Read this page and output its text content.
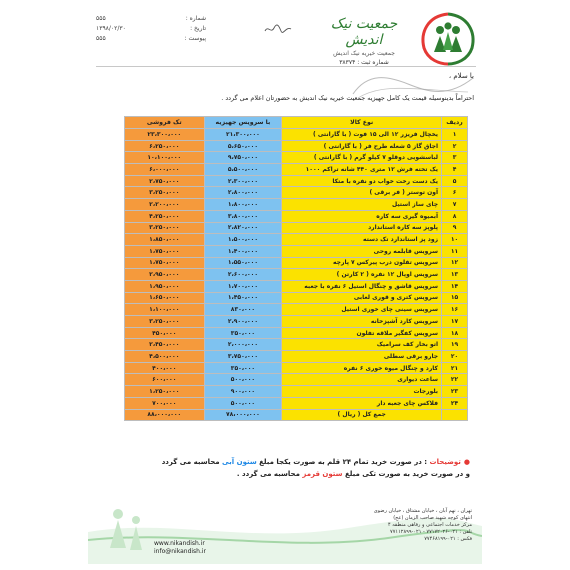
شماره :
۵۵۵
تاریخ :
۱۳۹۸/۰۲/۳۰
پیوست :
۵۵۵
جمعیت نیک اندیش
جمعیت خیریه نیک اندیش
شماره ثبت : ۳۸۳۷۴
با سلام ،
احتراماً بدینوسیله قیمت یک کامل جهیزیه جمعیت خیریه نیک اندیش به حضورتان اعلام می گردد .
ردیف	نوع کالا	با سرویس جهیزیه	تک فروشی
۱	یخچال فریزر ۱۲ الی ۱۵ فوت ( با گارانتی )	۲۱،۳۰۰،۰۰۰	۲۳،۳۰۰،۰۰۰
۲	اجاق گاز ۵ شعله طرح فر ( با گارانتی )	۵،۶۵۰،۰۰۰	۶،۲۵۰،۰۰۰
۳	لباسشویی دوقلو ۷ کیلو گرم ( با گارانتی )	۹،۷۵۰،۰۰۰	۱۰،۱۰۰،۰۰۰
۴	یک تخته فرش ۱۲ متری ۴۴۰ شانه تراکم ۱۰۰۰	۵،۵۰۰،۰۰۰	۶،۰۰۰،۰۰۰
۵	یک دست رخت خواب دو نفره با متکا	۲،۳۰۰،۰۰۰	۲،۷۵۰،۰۰۰
۶	آون توستر ( فر برقی )	۲،۸۰۰،۰۰۰	۳،۲۵۰،۰۰۰
۷	چای ساز استیل	۱،۸۰۰،۰۰۰	۲،۲۰۰،۰۰۰
۸	آبمیوه گیری سه کاره	۳،۸۰۰،۰۰۰	۴،۲۵۰،۰۰۰
۹	پلوپز سه کاره استاندارد	۲،۸۲۰،۰۰۰	۳،۲۵۰،۰۰۰
۱۰	زود پز استاندارد تک دسته	۱،۵۰۰،۰۰۰	۱،۸۵۰،۰۰۰
۱۱	سرویس قابلمه روحی	۱،۴۰۰،۰۰۰	۱،۷۵۰،۰۰۰
۱۲	سرویس تفلون درب پیرکس ۷ پارچه	۱،۵۵۰،۰۰۰	۱،۷۵۰،۰۰۰
۱۳	سرویس اوپال ۱۲ نفره ( ۲ کارتن )	۲،۶۰۰،۰۰۰	۲،۹۵۰،۰۰۰
۱۴	سرویس قاشق و چنگال استیل ۶ نفره با جعبه	۱،۷۰۰،۰۰۰	۱،۹۵۰،۰۰۰
۱۵	سرویس کتری و قوری لعابی	۱،۴۵۰،۰۰۰	۱،۶۵۰،۰۰۰
۱۶	سرویس سینی چای خوری استیل	۸۳۰،۰۰۰	۱،۱۰۰،۰۰۰
۱۷	سرویس کارد آشپزخانه	۲،۹۰۰،۰۰۰	۳،۲۵۰،۰۰۰
۱۸	سرویس کفگیر ملاقه تفلون	۳۵۰،۰۰۰	۴۵۰،۰۰۰
۱۹	اتو بخار کف سرامیک	۲،۰۰۰،۰۰۰	۲،۴۵۰،۰۰۰
۲۰	جارو برقی سطلی	۳،۷۵۰،۰۰۰	۴،۵۰۰،۰۰۰
۲۱	کارد و چنگال میوه خوری ۶ نفره	۳۵۰،۰۰۰	۴۰۰،۰۰۰
۲۲	ساعت دیواری	۵۰۰،۰۰۰	۶۰۰،۰۰۰
۲۳	بلورجات	۹۰۰،۰۰۰	۱،۲۵۰،۰۰۰
۲۴	فلاکس چای جعبه دار	۵۰۰،۰۰۰	۷۰۰،۰۰۰
	جمع کل ( ریال )	۷۸،۰۰۰،۰۰۰	۸۸،۰۰۰،۰۰۰
●توضیحات : در صورت خرید تمام ۲۴ قلم به صورت یکجا مبلغ ستون آبی محاسبه می گردد
و در صورت خرید به صورت تکی مبلغ ستون قرمز محاسبه می گردد .
تهران ، نهم آبان ، خیابان مشتاق ، خیابان رضوی
انتهای کوچه شهید صاحب الزمان (عج)
مرکز خدمات اجتماعی و رفاهی منطقه ۴
تلفن : ۰۲۱-۷۷۱۷۲۰۲۶ - ۰۲۱-۷۷۱۱۲۸۹۹
فکس : ۰۲۱-۷۷۴۶۸۱۹۹
www.nikandish.ir
info@nikandish.ir
